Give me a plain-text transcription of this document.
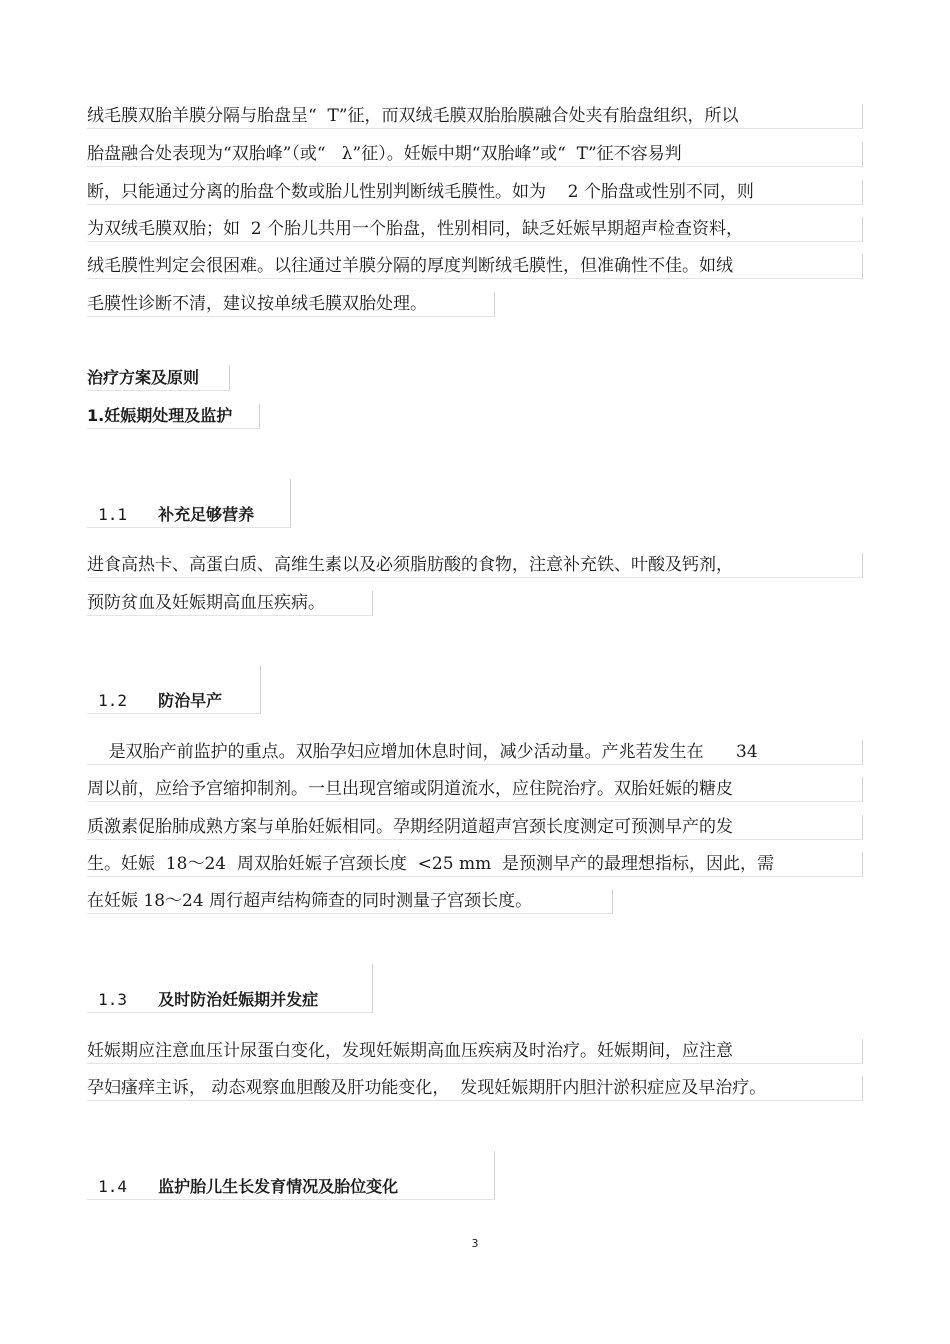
绒毛膜双胎羊膜分隔与胎盘呈“  T”征，而双绒毛膜双胎胎膜融合处夹有胎盘组织，所以
胎盘融合处表现为“双胎峰”（或“   λ”征）。妊娠中期“双胎峰”或“  T”征不容易判
断，只能通过分离的胎盘个数或胎儿性别判断绒毛膜性。如为    2 个胎盘或性别不同，则
为双绒毛膜双胎；如  2 个胎儿共用一个胎盘，性别相同，缺乏妊娠早期超声检查资料，
绒毛膜性判定会很困难。以往通过羊膜分隔的厚度判断绒毛膜性，但准确性不佳。如绒
毛膜性诊断不清，建议按单绒毛膜双胎处理。
治疗方案及原则
1.妊娠期处理及监护

1.1 补充足够营养

进食高热卡、高蛋白质、高维生素以及必须脂肪酸的食物，注意补充铁、叶酸及钙剂，
预防贫血及妊娠期高血压疾病。

1.2 防治早产

是双胎产前监护的重点。双胎孕妇应增加休息时间，减少活动量。产兆若发生在      34
周以前，应给予宫缩抑制剂。一旦出现宫缩或阴道流水，应住院治疗。双胎妊娠的糖皮
质激素促胎肺成熟方案与单胎妊娠相同。孕期经阴道超声宫颈长度测定可预测早产的发
生。妊娠  18～24  周双胎妊娠子宫颈长度  <25 mm  是预测早产的最理想指标，因此，需
在妊娠 18～24 周行超声结构筛查的同时测量子宫颈长度。

1.3 及时防治妊娠期并发症

妊娠期应注意血压计尿蛋白变化，发现妊娠期高血压疾病及时治疗。妊娠期间，应注意
孕妇瘙痒主诉， 动态观察血胆酸及肝功能变化，  发现妊娠期肝内胆汁淤积症应及早治疗。

1.4 监护胎儿生长发育情况及胎位变化

3
